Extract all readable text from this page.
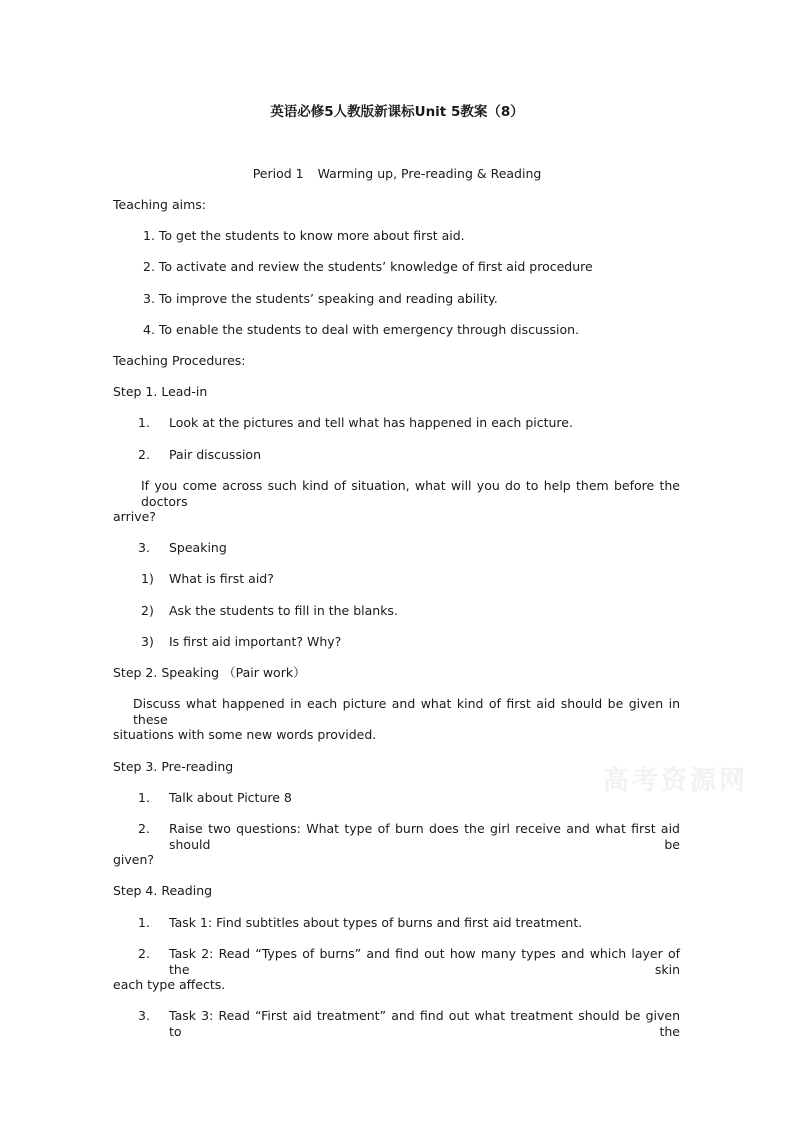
英语必修5人教版新课标Unit 5教案（8）
Period 1 Warming up, Pre-reading & Reading
Teaching aims:
1. To get the students to know more about first aid.
2. To activate and review the students’ knowledge of first aid procedure
3. To improve the students’ speaking and reading ability.
4. To enable the students to deal with emergency through discussion.
Teaching Procedures:
Step 1. Lead-in
1. Look at the pictures and tell what has happened in each picture.
2. Pair discussion
If you come across such kind of situation, what will you do to help them before the doctors
arrive?
3. Speaking
1) What is first aid?
2) Ask the students to fill in the blanks.
3) Is first aid important? Why?
Step 2. Speaking （Pair work）
Discuss what happened in each picture and what kind of first aid should be given in these
situations with some new words provided.
高考资源网
Step 3. Pre-reading
1. Talk about Picture 8
2. Raise two questions: What type of burn does the girl receive and what first aid should be
given?
Step 4. Reading
1. Task 1: Find subtitles about types of burns and first aid treatment.
2. Task 2: Read “Types of burns” and find out how many types and which layer of the skin
each type affects.
3. Task 3: Read “First aid treatment” and find out what treatment should be given to the
